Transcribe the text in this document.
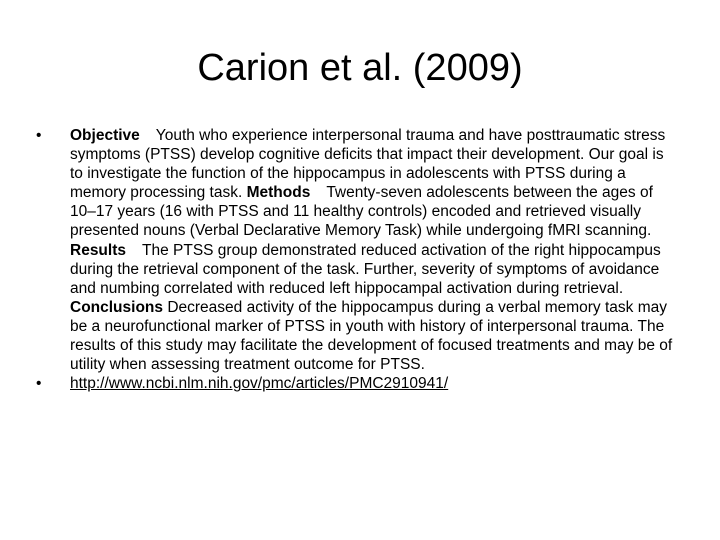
Carion et al. (2009)
•	Objective Youth who experience interpersonal trauma and have posttraumatic stress symptoms (PTSS) develop cognitive deficits that impact their development. Our goal is to investigate the function of the hippocampus in adolescents with PTSS during a memory processing task. Methods Twenty-seven adolescents between the ages of 10–17 years (16 with PTSS and 11 healthy controls) encoded and retrieved visually presented nouns (Verbal Declarative Memory Task) while undergoing fMRI scanning.Results The PTSS group demonstrated reduced activation of the right hippocampus during the retrieval component of the task. Further, severity of symptoms of avoidance and numbing correlated with reduced left hippocampal activation during retrieval.Conclusions Decreased activity of the hippocampus during a verbal memory task may be a neurofunctional marker of PTSS in youth with history of interpersonal trauma. The results of this study may facilitate the development of focused treatments and may be of utility when assessing treatment outcome for PTSS.
•	http://www.ncbi.nlm.nih.gov/pmc/articles/PMC2910941/
